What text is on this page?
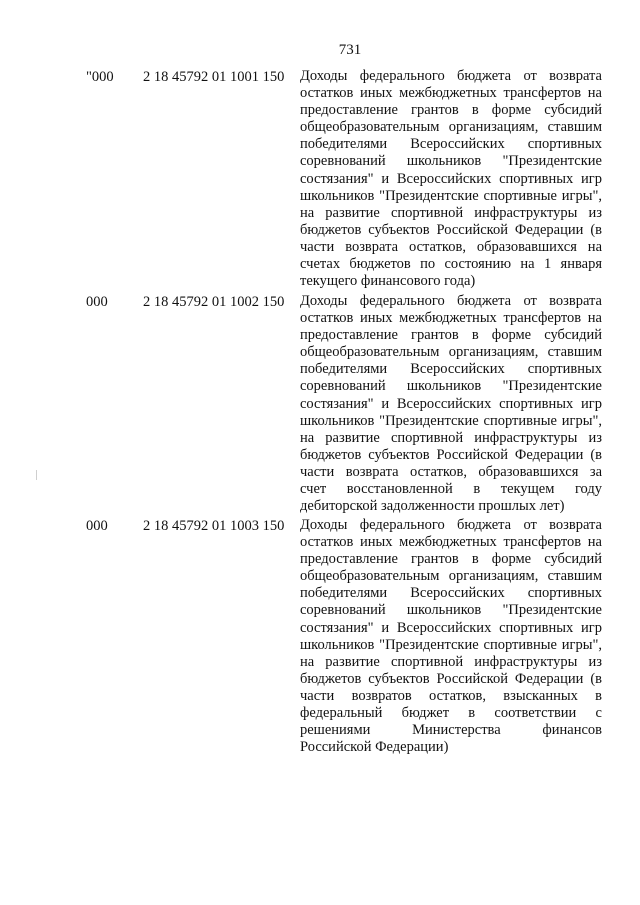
731
"000 2 18 45792 01 1001 150 Доходы федерального бюджета от возврата
остатков иных межбюджетных трансфертов на
предоставление грантов в форме субсидий
общеобразовательным организациям, ставшим
победителями Всероссийских спортивных
соревнований школьников "Президентские
состязания" и Всероссийских спортивных игр
школьников "Президентские спортивные игры",
на развитие спортивной инфраструктуры из
бюджетов субъектов Российской Федерации (в
части возврата остатков, образовавшихся на
счетах бюджетов по состоянию на 1 января
текущего финансового года)
000 2 18 45792 01 1002 150 Доходы федерального бюджета от возврата
остатков иных межбюджетных трансфертов на
предоставление грантов в форме субсидий
общеобразовательным организациям, ставшим
победителями Всероссийских спортивных
соревнований школьников "Президентские
состязания" и Всероссийских спортивных игр
школьников "Президентские спортивные игры",
на развитие спортивной инфраструктуры из
бюджетов субъектов Российской Федерации (в
части возврата остатков, образовавшихся за
счет восстановленной в текущем году
дебиторской задолженности прошлых лет)
000 2 18 45792 01 1003 150 Доходы федерального бюджета от возврата
остатков иных межбюджетных трансфертов на
предоставление грантов в форме субсидий
общеобразовательным организациям, ставшим
победителями Всероссийских спортивных
соревнований школьников "Президентские
состязания" и Всероссийских спортивных игр
школьников "Президентские спортивные игры",
на развитие спортивной инфраструктуры из
бюджетов субъектов Российской Федерации (в
части возвратов остатков, взысканных в
федеральный бюджет в соответствии с
решениями Министерства финансов
Российской Федерации)
